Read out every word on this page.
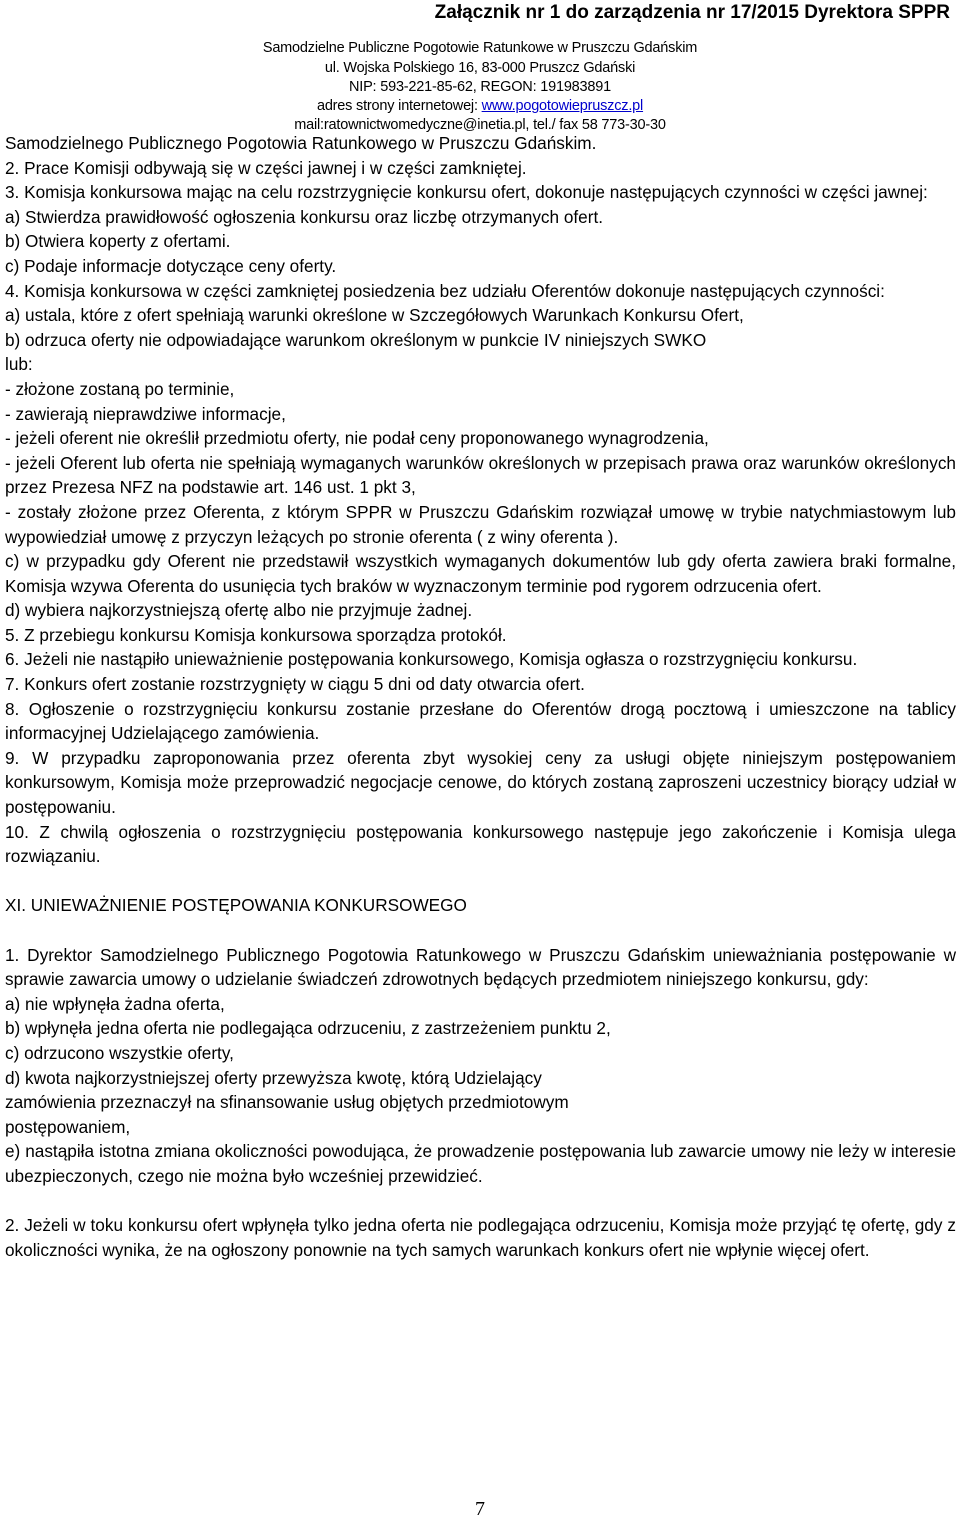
Załącznik nr 1 do zarządzenia nr 17/2015 Dyrektora SPPR
Samodzielne Publiczne Pogotowie Ratunkowe w Pruszczu Gdańskim
ul. Wojska Polskiego 16, 83-000 Pruszcz Gdański
NIP: 593-221-85-62, REGON: 191983891
adres strony internetowej: www.pogotowiepruszcz.pl
mail:ratownictwomedyczne@inetia.pl, tel./ fax 58 773-30-30

Samodzielnego Publicznego Pogotowia Ratunkowego w Pruszczu Gdańskim.

2. Prace Komisji odbywają się w części jawnej i w części zamkniętej.

3. Komisja konkursowa mając na celu rozstrzygnięcie konkursu ofert, dokonuje następujących czynności w części jawnej:

a) Stwierdza prawidłowość ogłoszenia konkursu oraz liczbę otrzymanych ofert.

b) Otwiera koperty z ofertami.

c) Podaje informacje dotyczące ceny oferty.

4. Komisja konkursowa w części zamkniętej posiedzenia bez udziału Oferentów dokonuje następujących czynności:

a) ustala, które z ofert spełniają warunki określone w Szczegółowych Warunkach Konkursu Ofert,

b) odrzuca oferty nie odpowiadające warunkom określonym w punkcie IV niniejszych SWKO

lub:

- złożone zostaną po terminie,

- zawierają nieprawdziwe informacje,

- jeżeli oferent nie określił przedmiotu oferty, nie podał ceny proponowanego wynagrodzenia,

- jeżeli Oferent lub oferta nie spełniają wymaganych warunków określonych w przepisach prawa oraz warunków określonych przez Prezesa NFZ na podstawie art. 146 ust. 1 pkt 3,

- zostały złożone przez Oferenta, z którym SPPR w Pruszczu Gdańskim rozwiązał umowę w trybie natychmiastowym lub wypowiedział umowę z przyczyn leżących po stronie oferenta ( z winy oferenta ).

c) w przypadku gdy Oferent nie przedstawił wszystkich wymaganych dokumentów lub gdy oferta zawiera braki formalne, Komisja wzywa Oferenta do usunięcia tych braków w wyznaczonym terminie pod rygorem odrzucenia ofert.

d) wybiera najkorzystniejszą ofertę albo nie przyjmuje żadnej.

5. Z przebiegu konkursu Komisja konkursowa sporządza protokół.

6. Jeżeli nie nastąpiło unieważnienie postępowania konkursowego, Komisja ogłasza o rozstrzygnięciu konkursu.

7. Konkurs ofert zostanie rozstrzygnięty w ciągu 5 dni od daty otwarcia ofert.

8. Ogłoszenie o rozstrzygnięciu konkursu zostanie przesłane do Oferentów drogą pocztową i umieszczone na tablicy informacyjnej Udzielającego zamówienia.

9. W przypadku zaproponowania przez oferenta zbyt wysokiej ceny za usługi objęte niniejszym postępowaniem konkursowym, Komisja może przeprowadzić negocjacje cenowe, do których zostaną zaproszeni uczestnicy biorący udział w postępowaniu.

10. Z chwilą ogłoszenia o rozstrzygnięciu postępowania konkursowego następuje jego zakończenie i Komisja ulega rozwiązaniu.

XI. UNIEWAŻNIENIE POSTĘPOWANIA KONKURSOWEGO

1. Dyrektor Samodzielnego Publicznego Pogotowia Ratunkowego w Pruszczu Gdańskim unieważniania postępowanie w sprawie zawarcia umowy o udzielanie świadczeń zdrowotnych będących przedmiotem niniejszego konkursu, gdy:

a) nie wpłynęła żadna oferta,

b) wpłynęła jedna oferta nie podlegająca odrzuceniu, z zastrzeżeniem punktu 2,

c) odrzucono wszystkie oferty,

d) kwota najkorzystniejszej oferty przewyższa kwotę, którą Udzielający

zamówienia przeznaczył na sfinansowanie usług objętych przedmiotowym

postępowaniem,

e) nastąpiła istotna zmiana okoliczności powodująca, że prowadzenie postępowania lub zawarcie umowy nie leży w interesie ubezpieczonych, czego nie można było wcześniej przewidzieć.

2. Jeżeli w toku konkursu ofert wpłynęła tylko jedna oferta nie podlegająca odrzuceniu, Komisja może przyjąć tę ofertę, gdy z okoliczności wynika, że na ogłoszony ponownie na tych samych warunkach konkurs ofert nie wpłynie więcej ofert.

7
